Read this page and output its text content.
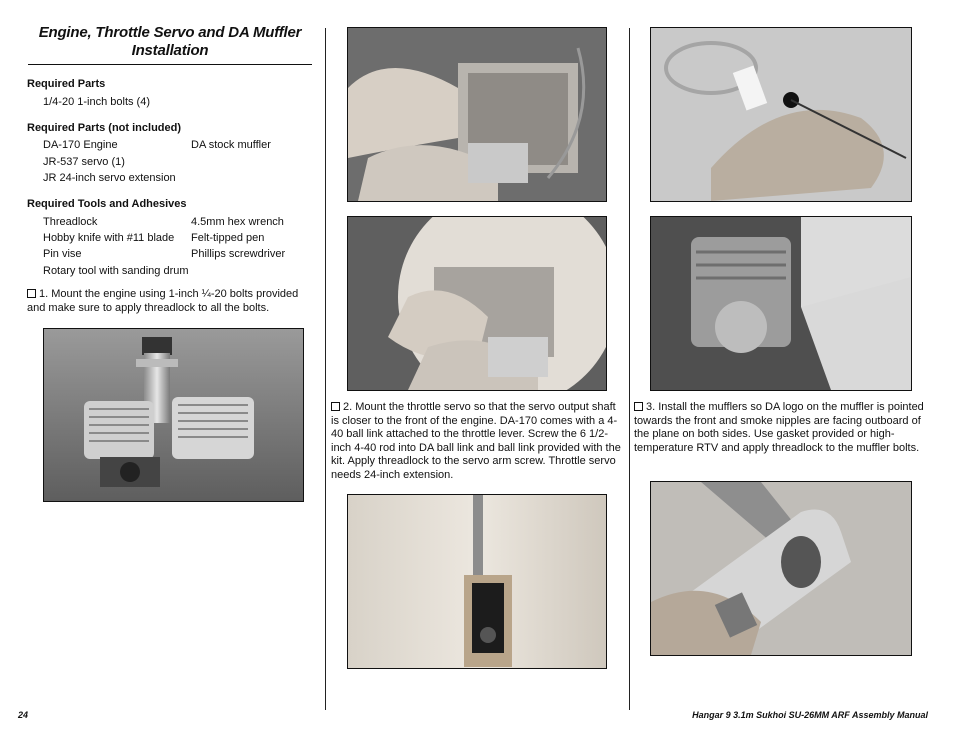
Engine, Throttle Servo and DA Muffler Installation
Required Parts
1/4-20 1-inch bolts (4)
Required Parts (not included)
DA-170 Engine
JR-537 servo (1)
JR 24-inch servo extension
DA stock muffler
Required Tools and Adhesives
Threadlock
Hobby knife with #11 blade
Pin vise
Rotary tool with sanding drum
4.5mm hex wrench
Felt-tipped pen
Phillips screwdriver
1. Mount the engine using 1-inch ¼-20 bolts provided and make sure to apply threadlock to all the bolts.
2. Mount the throttle servo so that the servo output shaft is closer to the front of the engine. DA-170 comes with a 4-40 ball link attached to the throttle lever. Screw the 6 1/2-inch 4-40 rod into DA ball link and ball link provided with the kit. Apply threadlock to the servo arm screw. Throttle servo needs 24-inch extension.
3. Install the mufflers so DA logo on the muffler is pointed towards the front and smoke nipples are facing outboard of the plane on both sides. Use gasket provided or high-temperature RTV and apply threadlock to the muffler bolts.
24	Hangar 9 3.1m Sukhoi SU-26MM ARF Assembly Manual
